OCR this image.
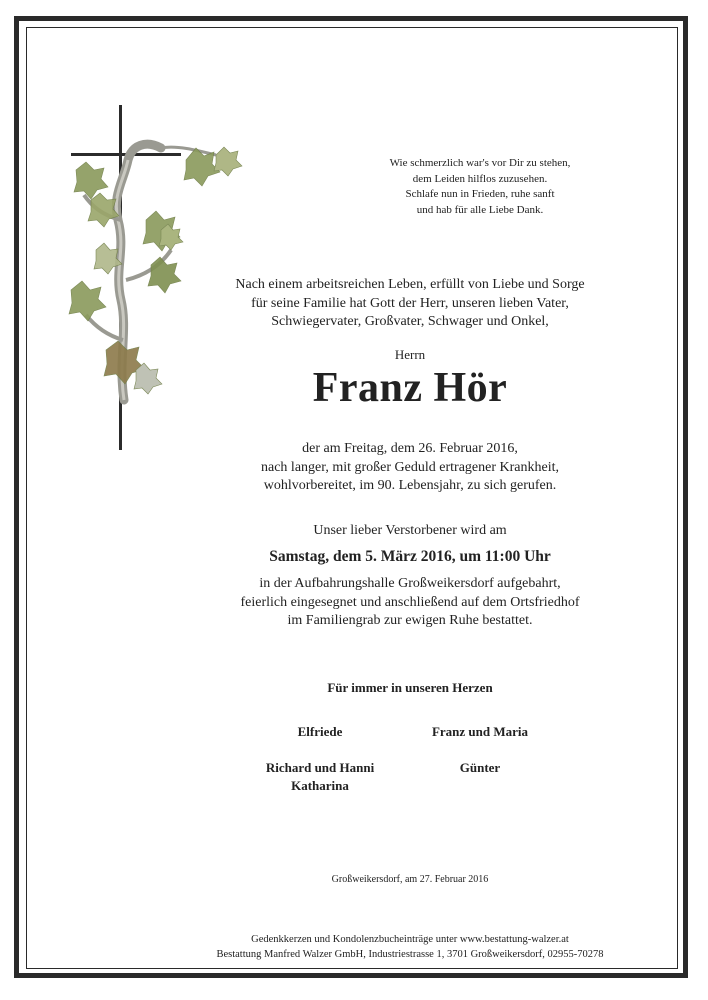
Wie schmerzlich war's vor Dir zu stehen,
dem Leiden hilflos zuzusehen.
Schlafe nun in Frieden, ruhe sanft
und hab für alle Liebe Dank.
Nach einem arbeitsreichen Leben, erfüllt von Liebe und Sorge
für seine Familie hat Gott der Herr, unseren lieben Vater,
Schwiegervater, Großvater, Schwager und Onkel,
Herrn
Franz Hör
der am Freitag, dem 26. Februar 2016,
nach langer, mit großer Geduld ertragener Krankheit,
wohlvorbereitet, im 90. Lebensjahr, zu sich gerufen.
Unser lieber Verstorbener wird am
Samstag, dem 5. März 2016, um 11:00 Uhr
in der Aufbahrungshalle Großweikersdorf aufgebahrt,
feierlich eingesegnet und anschließend auf dem Ortsfriedhof
im Familiengrab zur ewigen Ruhe bestattet.
Für immer in unseren Herzen
Elfriede	Franz und Maria
Richard und Hanni
Katharina
Günter
Großweikersdorf, am 27. Februar 2016
Gedenkkerzen und Kondolenzbucheinträge unter www.bestattung-walzer.at
Bestattung Manfred Walzer GmbH, Industriestrasse 1, 3701 Großweikersdorf, 02955-70278
